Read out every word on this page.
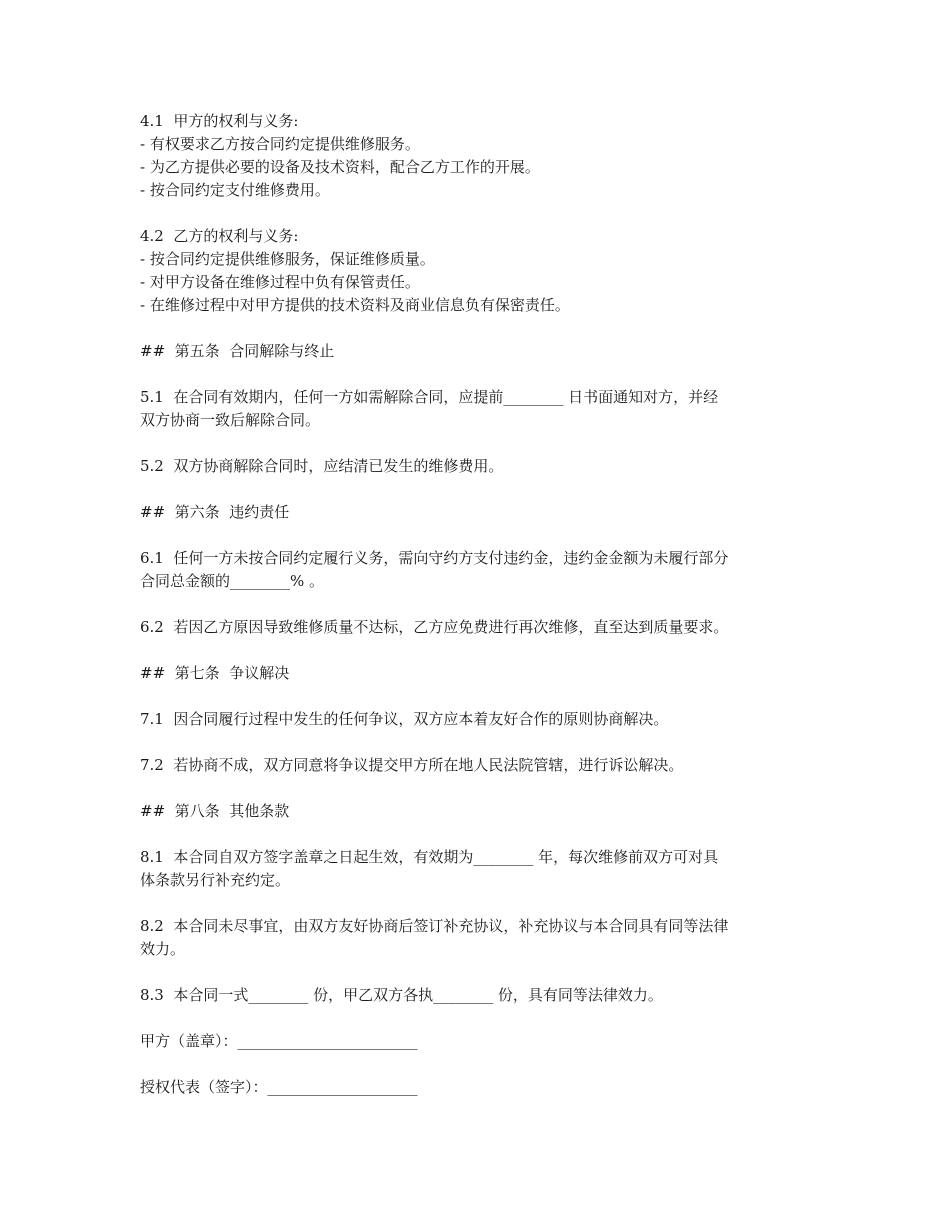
4.1  甲方的权利与义务:
- 有权要求乙方按合同约定提供维修服务。
- 为乙方提供必要的设备及技术资料，配合乙方工作的开展。
- 按合同约定支付维修费用。
4.2  乙方的权利与义务:
- 按合同约定提供维修服务，保证维修质量。
- 对甲方设备在维修过程中负有保管责任。
- 在维修过程中对甲方提供的技术资料及商业信息负有保密责任。
##  第五条  合同解除与终止
5.1  在合同有效期内，任何一方如需解除合同，应提前________ 日书面通知对方，并经
双方协商一致后解除合同。
5.2  双方协商解除合同时，应结清已发生的维修费用。
##  第六条  违约责任
6.1  任何一方未按合同约定履行义务，需向守约方支付违约金，违约金金额为未履行部分
合同总金额的________% 。
6.2  若因乙方原因导致维修质量不达标，乙方应免费进行再次维修，直至达到质量要求。
##  第七条  争议解决
7.1  因合同履行过程中发生的任何争议，双方应本着友好合作的原则协商解决。
7.2  若协商不成，双方同意将争议提交甲方所在地人民法院管辖，进行诉讼解决。
##  第八条  其他条款
8.1  本合同自双方签字盖章之日起生效，有效期为________ 年，每次维修前双方可对具
体条款另行补充约定。
8.2  本合同未尽事宜，由双方友好协商后签订补充协议，补充协议与本合同具有同等法律
效力。
8.3  本合同一式________ 份，甲乙双方各执________ 份，具有同等法律效力。
甲方（盖章）：________________________
授权代表（签字）：____________________
